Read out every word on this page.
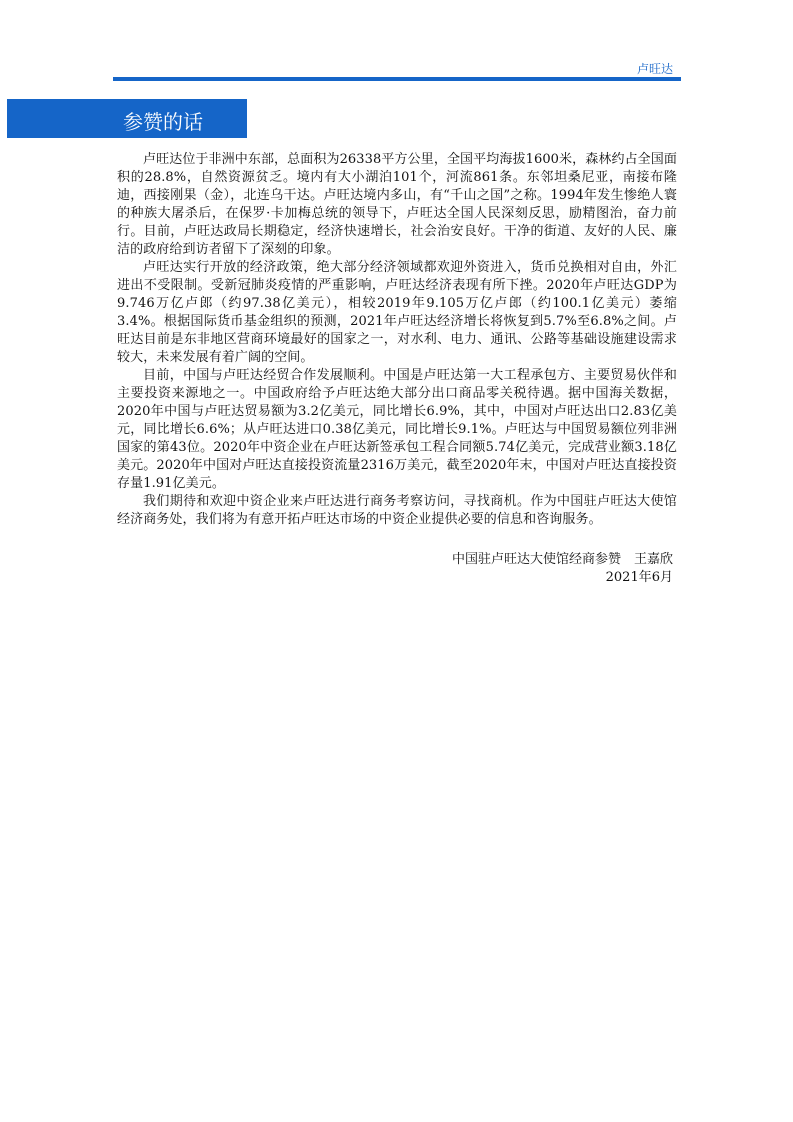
卢旺达
参赞的话

卢旺达位于非洲中东部，总面积为26338平方公里，全国平均海拔1600米，森林约占全国面积的28.8%，自然资源贫乏。境内有大小湖泊101个，河流861条。东邻坦桑尼亚，南接布隆迪，西接刚果（金），北连乌干达。卢旺达境内多山，有“千山之国”之称。1994年发生惨绝人寰的种族大屠杀后，在保罗·卡加梅总统的领导下，卢旺达全国人民深刻反思，励精图治，奋力前行。目前，卢旺达政局长期稳定，经济快速增长，社会治安良好。干净的街道、友好的人民、廉洁的政府给到访者留下了深刻的印象。

卢旺达实行开放的经济政策，绝大部分经济领域都欢迎外资进入，货币兑换相对自由，外汇进出不受限制。受新冠肺炎疫情的严重影响，卢旺达经济表现有所下挫。2020年卢旺达GDP为9.746万亿卢郎（约97.38亿美元），相较2019年9.105万亿卢郎（约100.1亿美元）萎缩3.4%。根据国际货币基金组织的预测，2021年卢旺达经济增长将恢复到5.7%至6.8%之间。卢旺达目前是东非地区营商环境最好的国家之一，对水利、电力、通讯、公路等基础设施建设需求较大，未来发展有着广阔的空间。

目前，中国与卢旺达经贸合作发展顺利。中国是卢旺达第一大工程承包方、主要贸易伙伴和主要投资来源地之一。中国政府给予卢旺达绝大部分出口商品零关税待遇。据中国海关数据，2020年中国与卢旺达贸易额为3.2亿美元，同比增长6.9%，其中，中国对卢旺达出口2.83亿美元，同比增长6.6%；从卢旺达进口0.38亿美元，同比增长9.1%。卢旺达与中国贸易额位列非洲国家的第43位。2020年中资企业在卢旺达新签承包工程合同额5.74亿美元，完成营业额3.18亿美元。2020年中国对卢旺达直接投资流量2316万美元，截至2020年末，中国对卢旺达直接投资存量1.91亿美元。

我们期待和欢迎中资企业来卢旺达进行商务考察访问，寻找商机。作为中国驻卢旺达大使馆经济商务处，我们将为有意开拓卢旺达市场的中资企业提供必要的信息和咨询服务。

中国驻卢旺达大使馆经商参赞　王嘉欣
2021年6月
